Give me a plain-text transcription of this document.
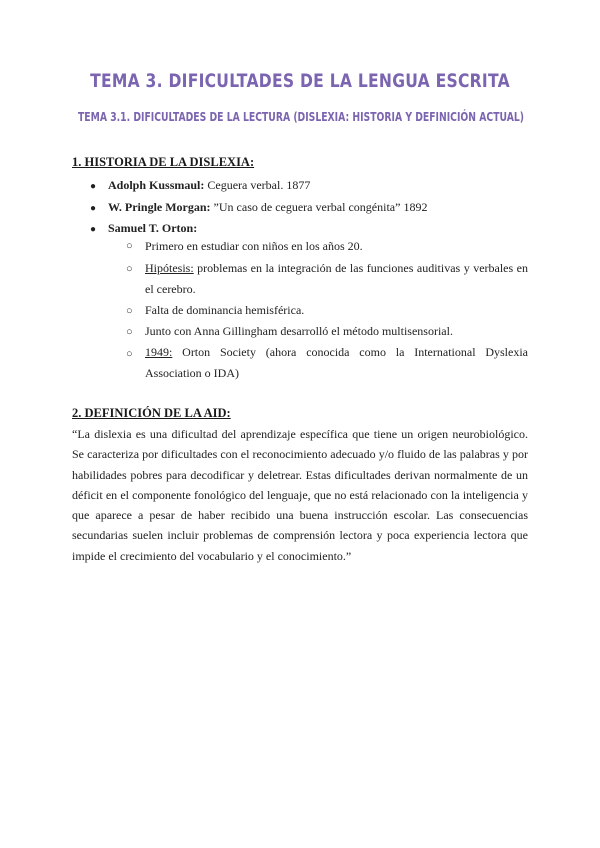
TEMA 3. DIFICULTADES DE LA LENGUA ESCRITA
TEMA 3.1. DIFICULTADES DE LA LECTURA (DISLEXIA: HISTORIA Y DEFINICIÓN ACTUAL)
1. HISTORIA DE LA DISLEXIA:
● Adolph Kussmaul: Ceguera verbal. 1877
● W. Pringle Morgan: ”Un caso de ceguera verbal congénita” 1892
● Samuel T. Orton:
○ Primero en estudiar con niños en los años 20.
○ Hipótesis: problemas en la integración de las funciones auditivas y verbales en el cerebro.
○ Falta de dominancia hemisférica.
○ Junto con Anna Gillingham desarrolló el método multisensorial.
○ 1949: Orton Society (ahora conocida como la International Dyslexia Association o IDA)
2. DEFINICIÓN DE LA AID:
“La dislexia es una dificultad del aprendizaje específica que tiene un origen neurobiológico. Se caracteriza por dificultades con el reconocimiento adecuado y/o fluido de las palabras y por habilidades pobres para decodificar y deletrear. Estas dificultades derivan normalmente de un déficit en el componente fonológico del lenguaje, que no está relacionado con la inteligencia y que aparece a pesar de haber recibido una buena instrucción escolar. Las consecuencias secundarias suelen incluir problemas de comprensión lectora y poca experiencia lectora que impide el crecimiento del vocabulario y el conocimiento.”
